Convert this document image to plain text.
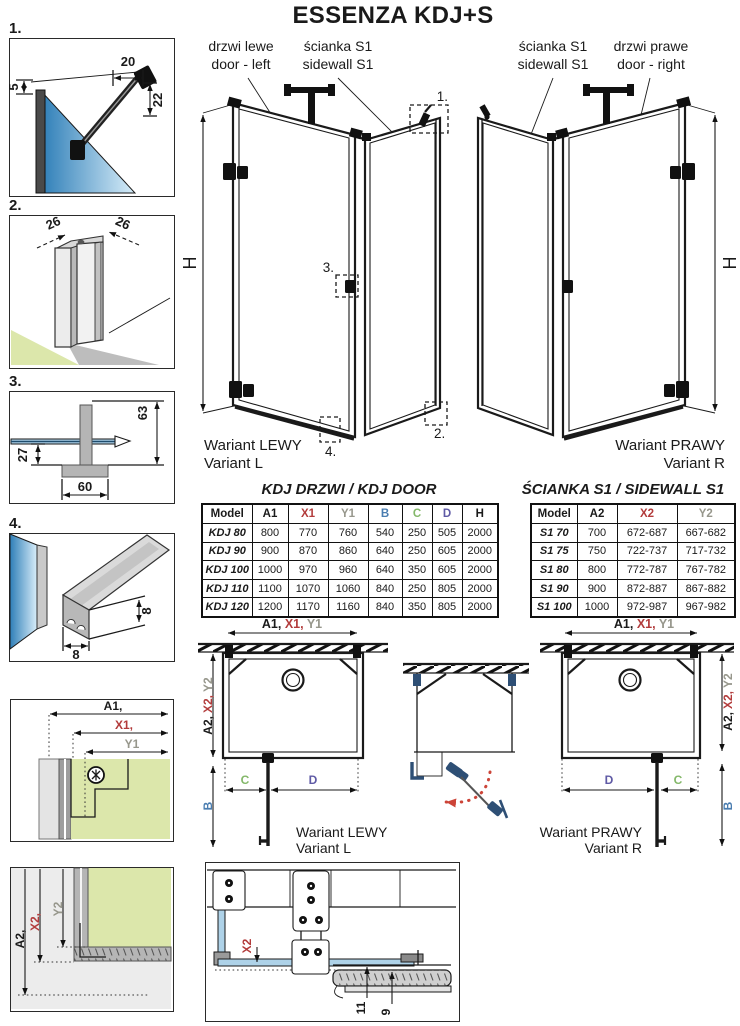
ESSENZA KDJ+S
drzwi lewe
door - left
ścianka S1
sidewall S1
ścianka S1
sidewall S1
drzwi prawe
door - right
1.
20
22
5
2.
26	26
3.
63
27
60
4.
8
8
H
1.
3.
2.
4.
Wariant LEWY
Variant L
H
Wariant PRAWY
Variant R
KDJ DRZWI / KDJ DOOR
Model	A1	X1	Y1	B	C	D	H
KDJ 80	800	770	760	540	250	505	2000
KDJ 90	900	870	860	640	250	605	2000
KDJ 100	1000	970	960	640	350	605	2000
KDJ 110	1100	1070	1060	840	250	805	2000
KDJ 120	1200	1170	1160	840	350	805	2000
ŚCIANKA S1 / SIDEWALL S1
Model	A2	X2	Y2
S1 70	700	672-687	667-682
S1 75	750	722-737	717-732
S1 80	800	772-787	767-782
S1 90	900	872-887	867-882
S1 100	1000	972-987	967-982
A1,
X1,
Y1
A2,
X2,
Y2
A1, X1, Y1
A2,X2,Y2
B
C	D
Wariant LEWY
Variant L
A1, X1, Y1
D	C
A2,X2,Y2
B
Wariant PRAWY
Variant R
X2
11 9
